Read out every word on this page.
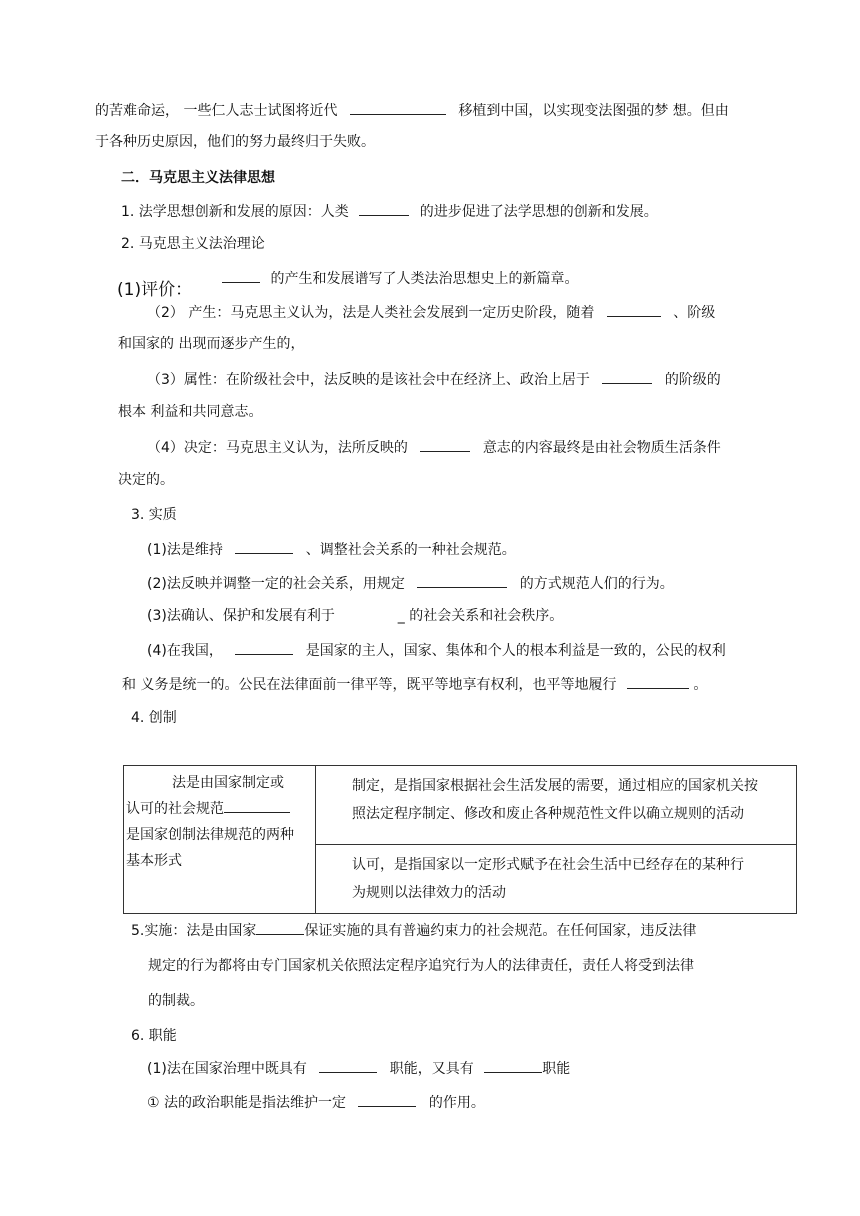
的苦难命运， 一些仁人志士试图将近代	移植到中国，以实现变法图强的梦 想。但由
于各种历史原因，他们的努力最终归于失败。
二．马克思主义法律思想
1. 法学思想创新和发展的原因：人类	的进步促进了法学思想的创新和发展。
2. 马克思主义法治理论
(1)评价：
的产生和发展谱写了人类法治思想史上的新篇章。
（2） 产生：马克思主义认为，法是人类社会发展到一定历史阶段，随着	、阶级
和国家的 出现而逐步产生的，
（3）属性：在阶级社会中，法反映的是该社会中在经济上、政治上居于	的阶级的
根本 利益和共同意志。
（4）决定：马克思主义认为，法所反映的	意志的内容最终是由社会物质生活条件
决定的。
3. 实质
(1)法是维持	、调整社会关系的一种社会规范。
(2)法反映并调整一定的社会关系，用规定	的方式规范人们的行为。
(3)法确认、保护和发展有利于	_ 的社会关系和社会秩序。
(4)在我国，	是国家的主人，国家、集体和个人的根本利益是一致的，公民的权利
和 义务是统一的。公民在法律面前一律平等，既平等地享有权利，也平等地履行	。
4. 创制
法是由国家制定或
认可的社会规范
是国家创制法律规范的两种
基本形式

制定，是指国家根据社会生活发展的需要，通过相应的国家机关按
照法定程序制定、修改和废止各种规范性文件以确立规则的活动

认可，是指国家以一定形式赋予在社会生活中已经存在的某种行
为规则以法律效力的活动
5.实施：法是由国家	保证实施的具有普遍约束力的社会规范。在任何国家，违反法律
规定的行为都将由专门国家机关依照法定程序追究行为人的法律责任，责任人将受到法律
的制裁。
6. 职能
(1)法在国家治理中既具有	职能，又具有	职能
① 法的政治职能是指法维护一定	的作用。
